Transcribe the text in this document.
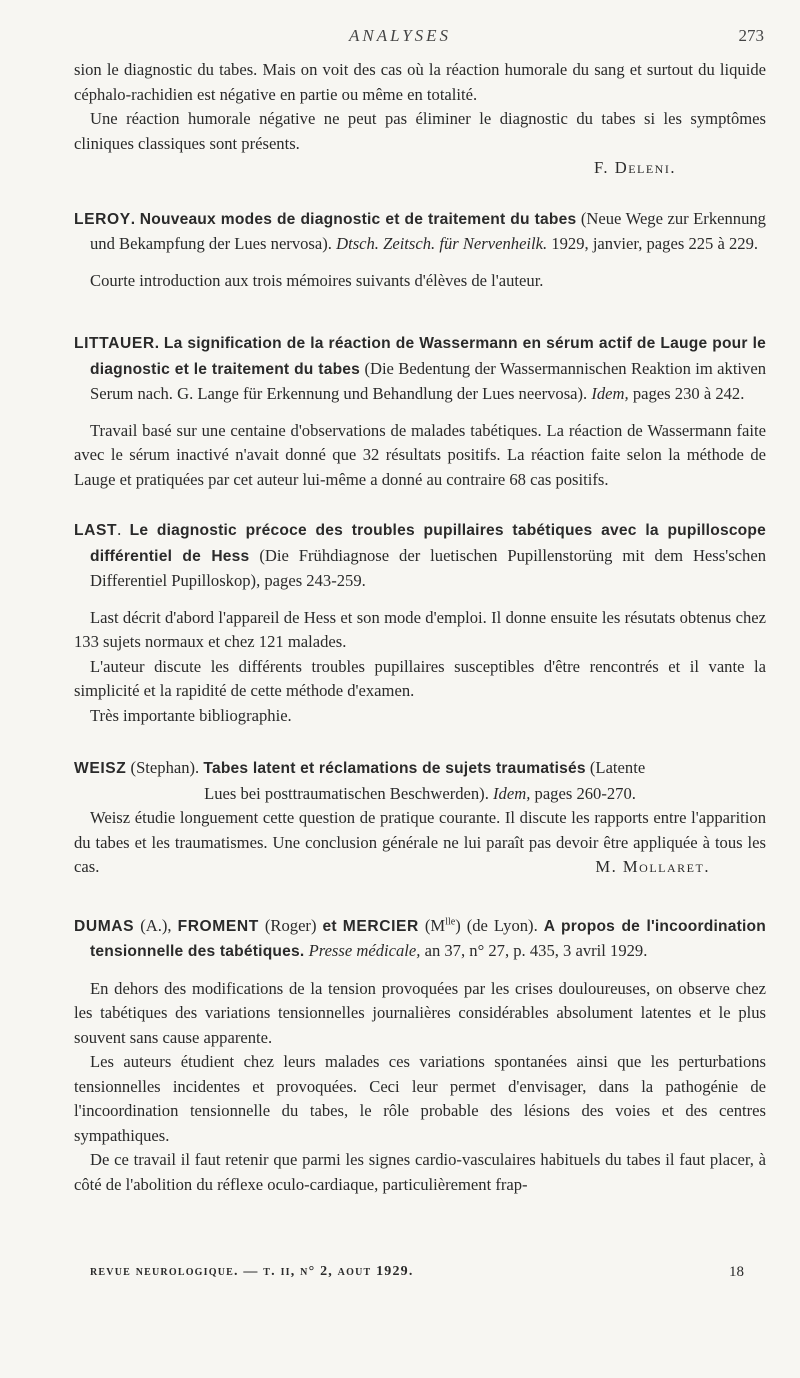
ANALYSES	273

sion le diagnostic du tabes. Mais on voit des cas où la réaction humorale du sang et surtout du liquide céphalo-rachidien est négative en partie ou même en totalité.

Une réaction humorale négative ne peut pas éliminer le diagnostic du tabes si les symptômes cliniques classiques sont présents.

F. Deleni.

LEROY. Nouveaux modes de diagnostic et de traitement du tabes (Neue Wege zur Erkennung und Bekampfung der Lues nervosa). Dtsch. Zeitsch. für Nervenheilk. 1929, janvier, pages 225 à 229.

Courte introduction aux trois mémoires suivants d'élèves de l'auteur.

LITTAUER. La signification de la réaction de Wassermann en sérum actif de Lauge pour le diagnostic et le traitement du tabes (Die Bedentung der Wassermannischen Reaktion im aktiven Serum nach. G. Lange für Erkennung und Behandlung der Lues neervosa). Idem, pages 230 à 242.

Travail basé sur une centaine d'observations de malades tabétiques. La réaction de Wassermann faite avec le sérum inactivé n'avait donné que 32 résultats positifs. La réaction faite selon la méthode de Lauge et pratiquées par cet auteur lui-même a donné au contraire 68 cas positifs.

LAST. Le diagnostic précoce des troubles pupillaires tabétiques avec la pupilloscope différentiel de Hess (Die Frühdiagnose der luetischen Pupillenstorüng mit dem Hess'schen Differentiel Pupilloskop), pages 243-259.

Last décrit d'abord l'appareil de Hess et son mode d'emploi. Il donne ensuite les résutats obtenus chez 133 sujets normaux et chez 121 malades.

L'auteur discute les différents troubles pupillaires susceptibles d'être rencontrés et il vante la simplicité et la rapidité de cette méthode d'examen.

Très importante bibliographie.

WEISZ (Stephan). Tabes latent et réclamations de sujets traumatisés (Latente

Lues bei posttraumatischen Beschwerden). Idem, pages 260-270.

Weisz étudie longuement cette question de pratique courante. Il discute les rapports entre l'apparition du tabes et les traumatismes. Une conclusion générale ne lui paraît pas devoir être appliquée à tous les cas.	M. Mollaret.

DUMAS (A.), FROMENT (Roger) et MERCIER $(M^{lle})$ (de Lyon). A propos de l'incoordination tensionnelle des tabétiques. Presse médicale, an 37, n° 27, p. 435, 3 avril 1929.

En dehors des modifications de la tension provoquées par les crises douloureuses, on observe chez les tabétiques des variations tensionnelles journalières considérables absolument latentes et le plus souvent sans cause apparente.

Les auteurs étudient chez leurs malades ces variations spontanées ainsi que les perturbations tensionnelles incidentes et provoquées. Ceci leur permet d'envisager, dans la pathogénie de l'incoordination tensionnelle du tabes, le rôle probable des lésions des voies et des centres sympathiques.

De ce travail il faut retenir que parmi les signes cardio-vasculaires habituels du tabes il faut placer, à côté de l'abolition du réflexe oculo-cardiaque, particulièrement frap-

revue neurologique. — t. ii, n° 2, aout 1929.	18
